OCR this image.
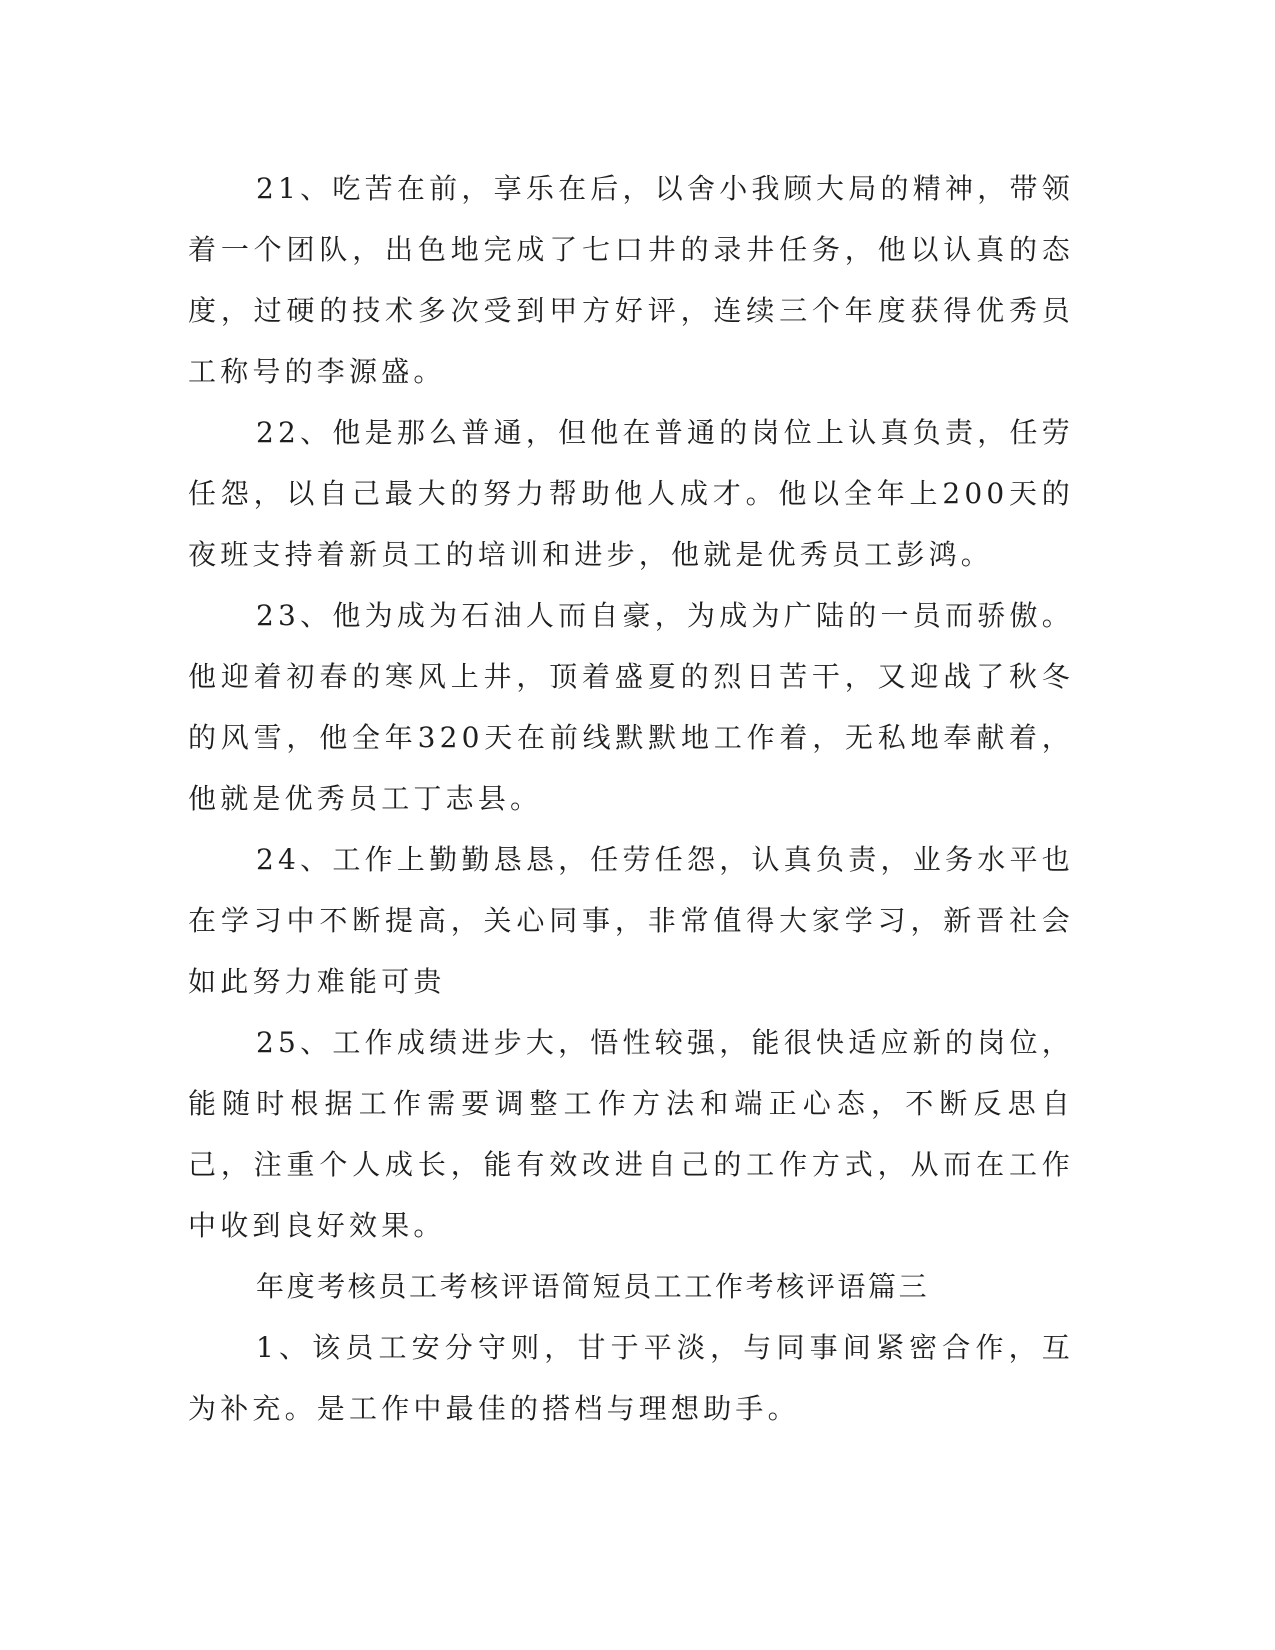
21、吃苦在前，享乐在后，以舍小我顾大局的精神，带领着一个团队，出色地完成了七口井的录井任务，他以认真的态度，过硬的技术多次受到甲方好评，连续三个年度获得优秀员工称号的李源盛。

22、他是那么普通，但他在普通的岗位上认真负责，任劳任怨，以自己最大的努力帮助他人成才。他以全年上200天的夜班支持着新员工的培训和进步，他就是优秀员工彭鸿。

23、他为成为石油人而自豪，为成为广陆的一员而骄傲。他迎着初春的寒风上井，顶着盛夏的烈日苦干，又迎战了秋冬的风雪，他全年320天在前线默默地工作着，无私地奉献着，他就是优秀员工丁志县。

24、工作上勤勤恳恳，任劳任怨，认真负责，业务水平也在学习中不断提高，关心同事，非常值得大家学习，新晋社会如此努力难能可贵

25、工作成绩进步大，悟性较强，能很快适应新的岗位，能随时根据工作需要调整工作方法和端正心态，不断反思自己，注重个人成长，能有效改进自己的工作方式，从而在工作中收到良好效果。

年度考核员工考核评语简短员工工作考核评语篇三

1、该员工安分守则，甘于平淡，与同事间紧密合作，互为补充。是工作中最佳的搭档与理想助手。
